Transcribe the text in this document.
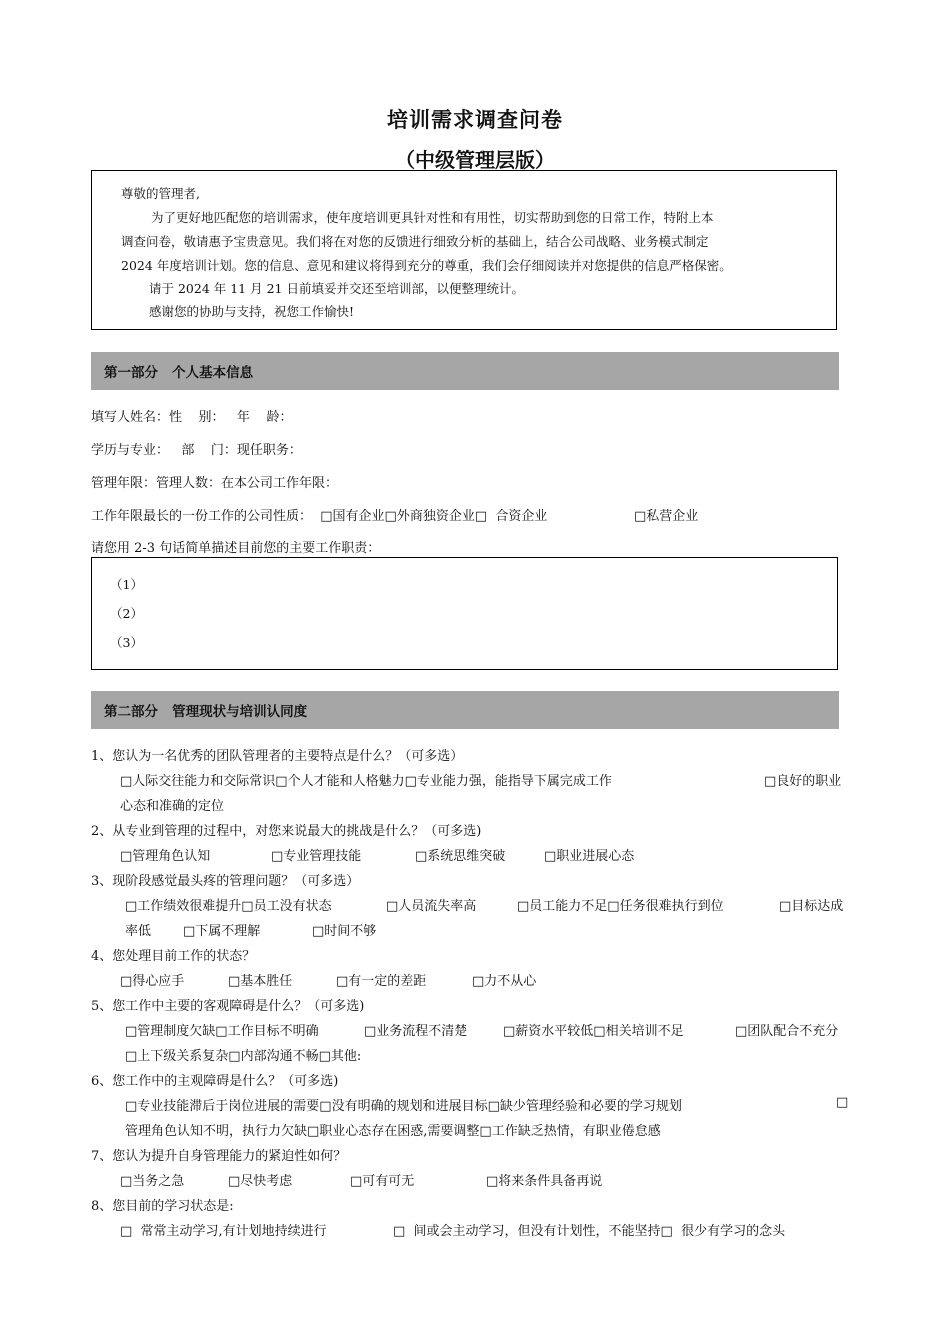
培训需求调查问卷
（中级管理层版）
尊敬的管理者,
为了更好地匹配您的培训需求，使年度培训更具针对性和有用性，切实帮助到您的日常工作，特附上本
调查问卷，敬请惠予宝贵意见。我们将在对您的反馈进行细致分析的基础上，结合公司战略、业务模式制定
2024 年度培训计划。您的信息、意见和建议将得到充分的尊重，我们会仔细阅读并对您提供的信息严格保密。
请于 2024 年 11 月 21 日前填妥并交还至培训部，以便整理统计。
感谢您的协助与支持，祝您工作愉快!
第一部分   个人基本信息
填写人姓名：性    别：   年    龄：
学历与专业：   部    门：现任职务：
管理年限：管理人数：在本公司工作年限：
工作年限最长的一份工作的公司性质：  □国有企业□外商独资企业□  合资企业	□私营企业
请您用 2-3 句话简单描述目前您的主要工作职责：
（1）
（2）
（3）
第二部分   管理现状与培训认同度
1、您认为一名优秀的团队管理者的主要特点是什么？（可多选）
□人际交往能力和交际常识□个人才能和人格魅力□专业能力强，能指导下属完成工作	□良好的职业
心态和准确的定位
2、从专业到管理的过程中，对您来说最大的挑战是什么？（可多选)
□管理角色认知	□专业管理技能	□系统思维突破	□职业进展心态
3、现阶段感觉最头疼的管理问题？（可多选）
□工作绩效很难提升□员工没有状态	□人员流失率高	□员工能力不足□任务很难执行到位	□目标达成
率低 □下属不理解	□时间不够
4、您处理目前工作的状态？
□得心应手	□基本胜任	□有一定的差距	□力不从心
5、您工作中主要的客观障碍是什么？（可多选)
□管理制度欠缺□工作目标不明确	□业务流程不清楚	□薪资水平较低□相关培训不足	□团队配合不充分
□上下级关系复杂□内部沟通不畅□其他:
6、您工作中的主观障碍是什么？（可多选)
□专业技能滞后于岗位进展的需要□没有明确的规划和进展目标□缺少管理经验和必要的学习规划	□
管理角色认知不明，执行力欠缺□职业心态存在困惑,需要调整□工作缺乏热情，有职业倦怠感
7、您认为提升自身管理能力的紧迫性如何？
□当务之急	□尽快考虑	□可有可无	□将来条件具备再说
8、您目前的学习状态是:
□  常常主动学习,有计划地持续进行	□  间或会主动学习，但没有计划性，不能坚持□  很少有学习的念头
